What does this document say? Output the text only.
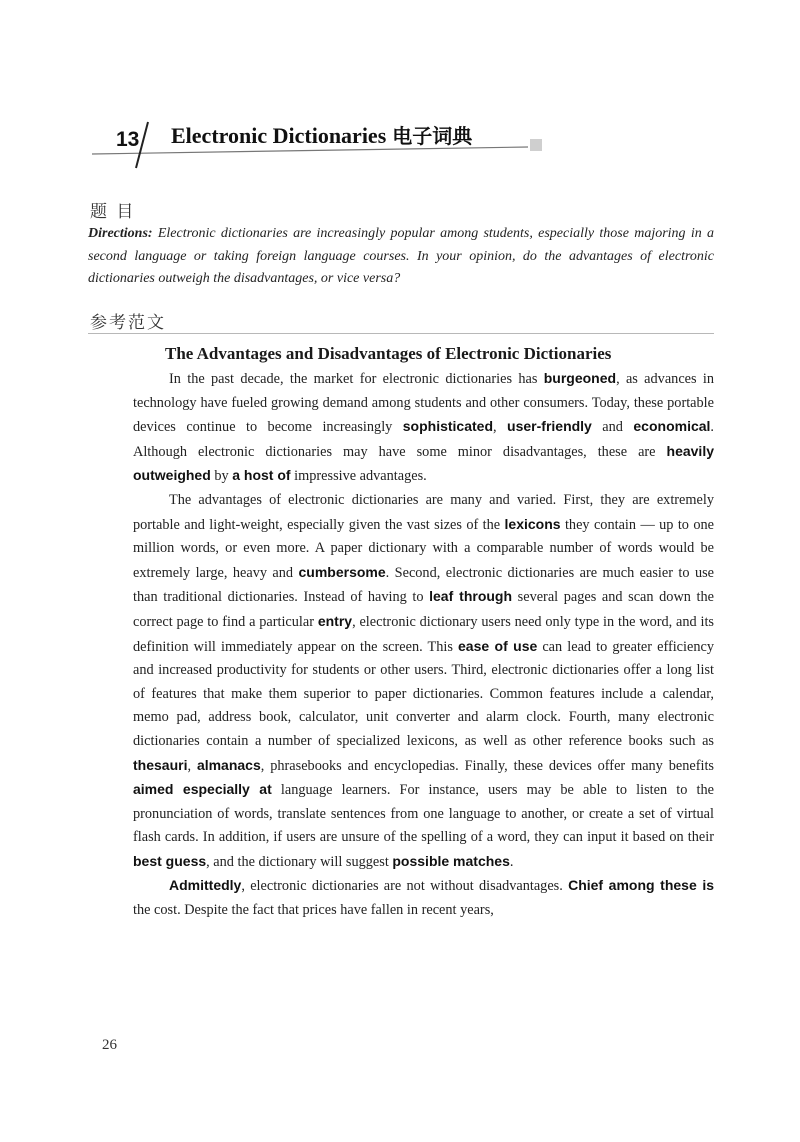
13 Electronic Dictionaries 电子词典
题 目
Directions: Electronic dictionaries are increasingly popular among students, especially those majoring in a second language or taking foreign language courses. In your opinion, do the advantages of electronic dictionaries outweigh the disadvantages, or vice versa?
参考范文
The Advantages and Disadvantages of Electronic Dictionaries

In the past decade, the market for electronic dictionaries has burgeoned, as advances in technology have fueled growing demand among students and other consumers. Today, these portable devices continue to become increasingly sophisticated, user-friendly and economical. Although electronic dictionaries may have some minor disadvantages, these are heavily outweighed by a host of impressive advantages.

The advantages of electronic dictionaries are many and varied. First, they are extremely portable and light-weight, especially given the vast sizes of the lexicons they contain — up to one million words, or even more. A paper dictionary with a comparable number of words would be extremely large, heavy and cumbersome. Second, electronic dictionaries are much easier to use than traditional dictionaries. Instead of having to leaf through several pages and scan down the correct page to find a particular entry, electronic dictionary users need only type in the word, and its definition will immediately appear on the screen. This ease of use can lead to greater efficiency and increased productivity for students or other users. Third, electronic dictionaries offer a long list of features that make them superior to paper dictionaries. Common features include a calendar, memo pad, address book, calculator, unit converter and alarm clock. Fourth, many electronic dictionaries contain a number of specialized lexicons, as well as other reference books such as thesauri, almanacs, phrasebooks and encyclopedias. Finally, these devices offer many benefits aimed especially at language learners. For instance, users may be able to listen to the pronunciation of words, translate sentences from one language to another, or create a set of virtual flash cards. In addition, if users are unsure of the spelling of a word, they can input it based on their best guess, and the dictionary will suggest possible matches.

Admittedly, electronic dictionaries are not without disadvantages. Chief among these is the cost. Despite the fact that prices have fallen in recent years,

26
